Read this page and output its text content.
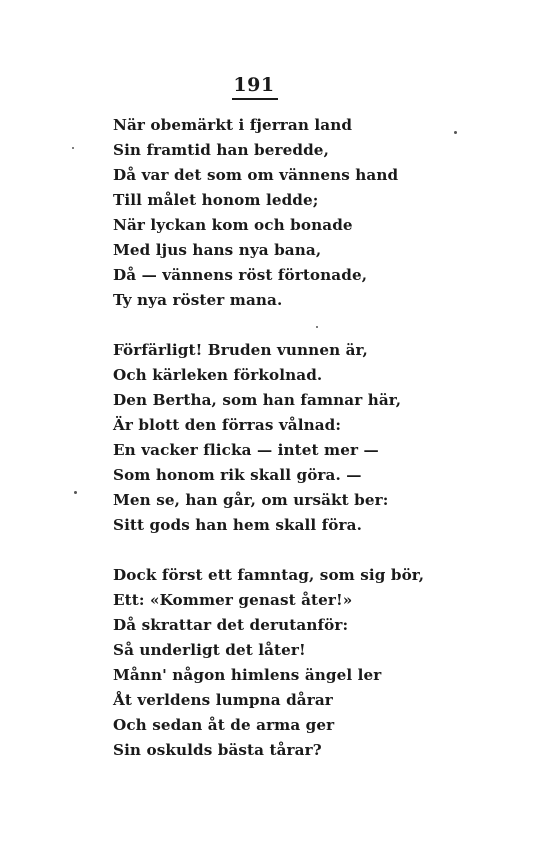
191
När obemärkt i fjerran land
Sin framtid han beredde,
Då var det som om vännens hand
Till målet honom ledde;
När lyckan kom och bonade
Med ljus hans nya bana,
Då — vännens röst förtonade,
Ty nya röster mana.
Förfärligt! Bruden vunnen är,
Och kärleken förkolnad.
Den Bertha, som han famnar här,
Är blott den förras vålnad:
En vacker flicka — intet mer —
Som honom rik skall göra. —
Men se, han går, om ursäkt ber:
Sitt gods han hem skall föra.
Dock först ett famntag, som sig bör,
Ett: «Kommer genast åter!»
Då skrattar det derutanför:
Så underligt det låter!
Månn' någon himlens ängel ler
Åt verldens lumpna dårar
Och sedan åt de arma ger
Sin oskulds bästa tårar?
